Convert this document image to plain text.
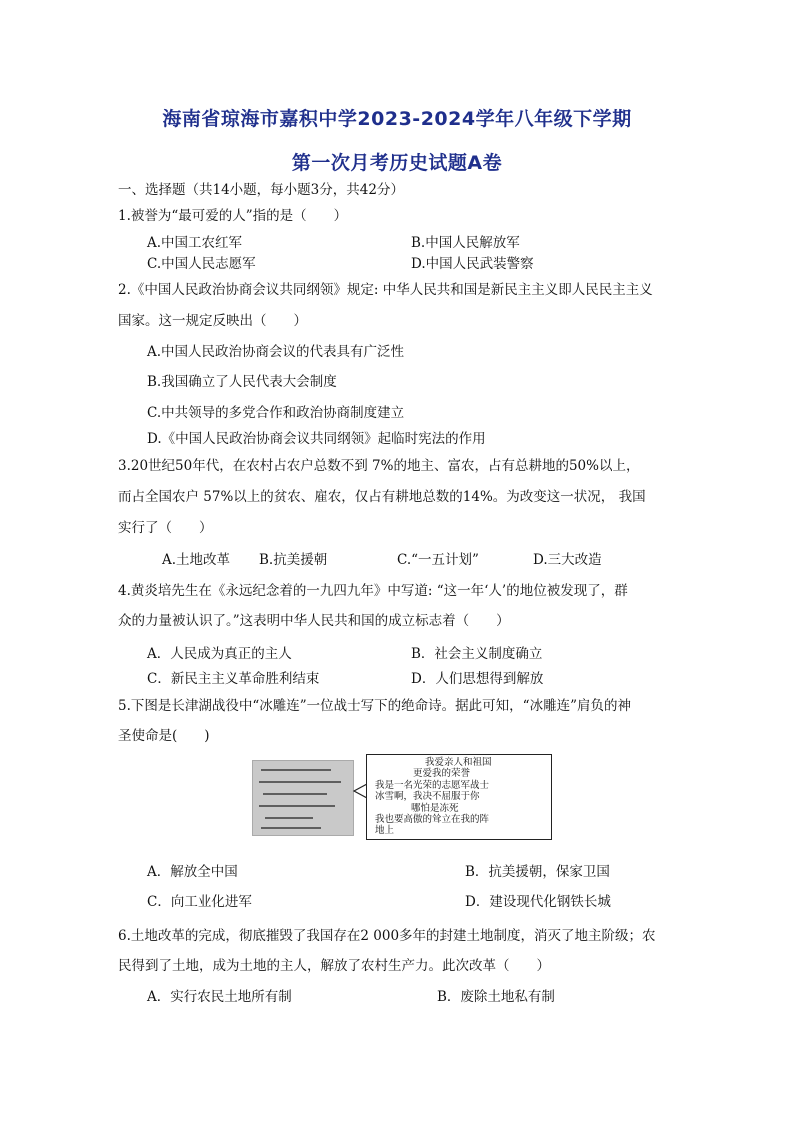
海南省琼海市嘉积中学2023-2024学年八年级下学期
第一次月考历史试题A卷
一、选择题（共14小题，每小题3分，共42分）
1.被誉为“最可爱的人”指的是（　　）
A.中国工农红军	B.中国人民解放军
C.中国人民志愿军	D.中国人民武装警察
2.《中国人民政治协商会议共同纲领》规定: 中华人民共和国是新民主主义即人民民主主义
国家。这一规定反映出（　　）
A.中国人民政治协商会议的代表具有广泛性
B.我国确立了人民代表大会制度
C.中共领导的多党合作和政治协商制度建立
D.《中国人民政治协商会议共同纲领》起临时宪法的作用
3.20世纪50年代，在农村占农户总数不到 7%的地主、富农，占有总耕地的50%以上，
而占全国农户 57%以上的贫农、雇农，仅占有耕地总数的14%。为改变这一状况， 我国
实行了（　　）
A.土地改革 B.抗美援朝	C.“一五计划”	D.三大改造
4.黄炎培先生在《永远纪念着的一九四九年》中写道: “这一年‘人’的地位被发现了，群
众的力量被认识了。”这表明中华人民共和国的成立标志着（　　）
A．人民成为真正的主人	B．社会主义制度确立
C．新民主主义革命胜利结束	D．人们思想得到解放
5.下图是长津湖战役中“冰雕连”一位战士写下的绝命诗。据此可知，“冰雕连”肩负的神
圣使命是(　　)
我爱亲人和祖国
更爱我的荣誉
我是一名光荣的志愿军战士
冰雪啊，我决不屈服于你
哪怕是冻死
我也要高傲的耸立在我的阵
地上
A．解放全中国	B．抗美援朝，保家卫国
C．向工业化进军	D．建设现代化钢铁长城
6.土地改革的完成，彻底摧毁了我国存在2 000多年的封建土地制度，消灭了地主阶级；农
民得到了土地，成为土地的主人，解放了农村生产力。此次改革（　　）
A．实行农民土地所有制	B．废除土地私有制
